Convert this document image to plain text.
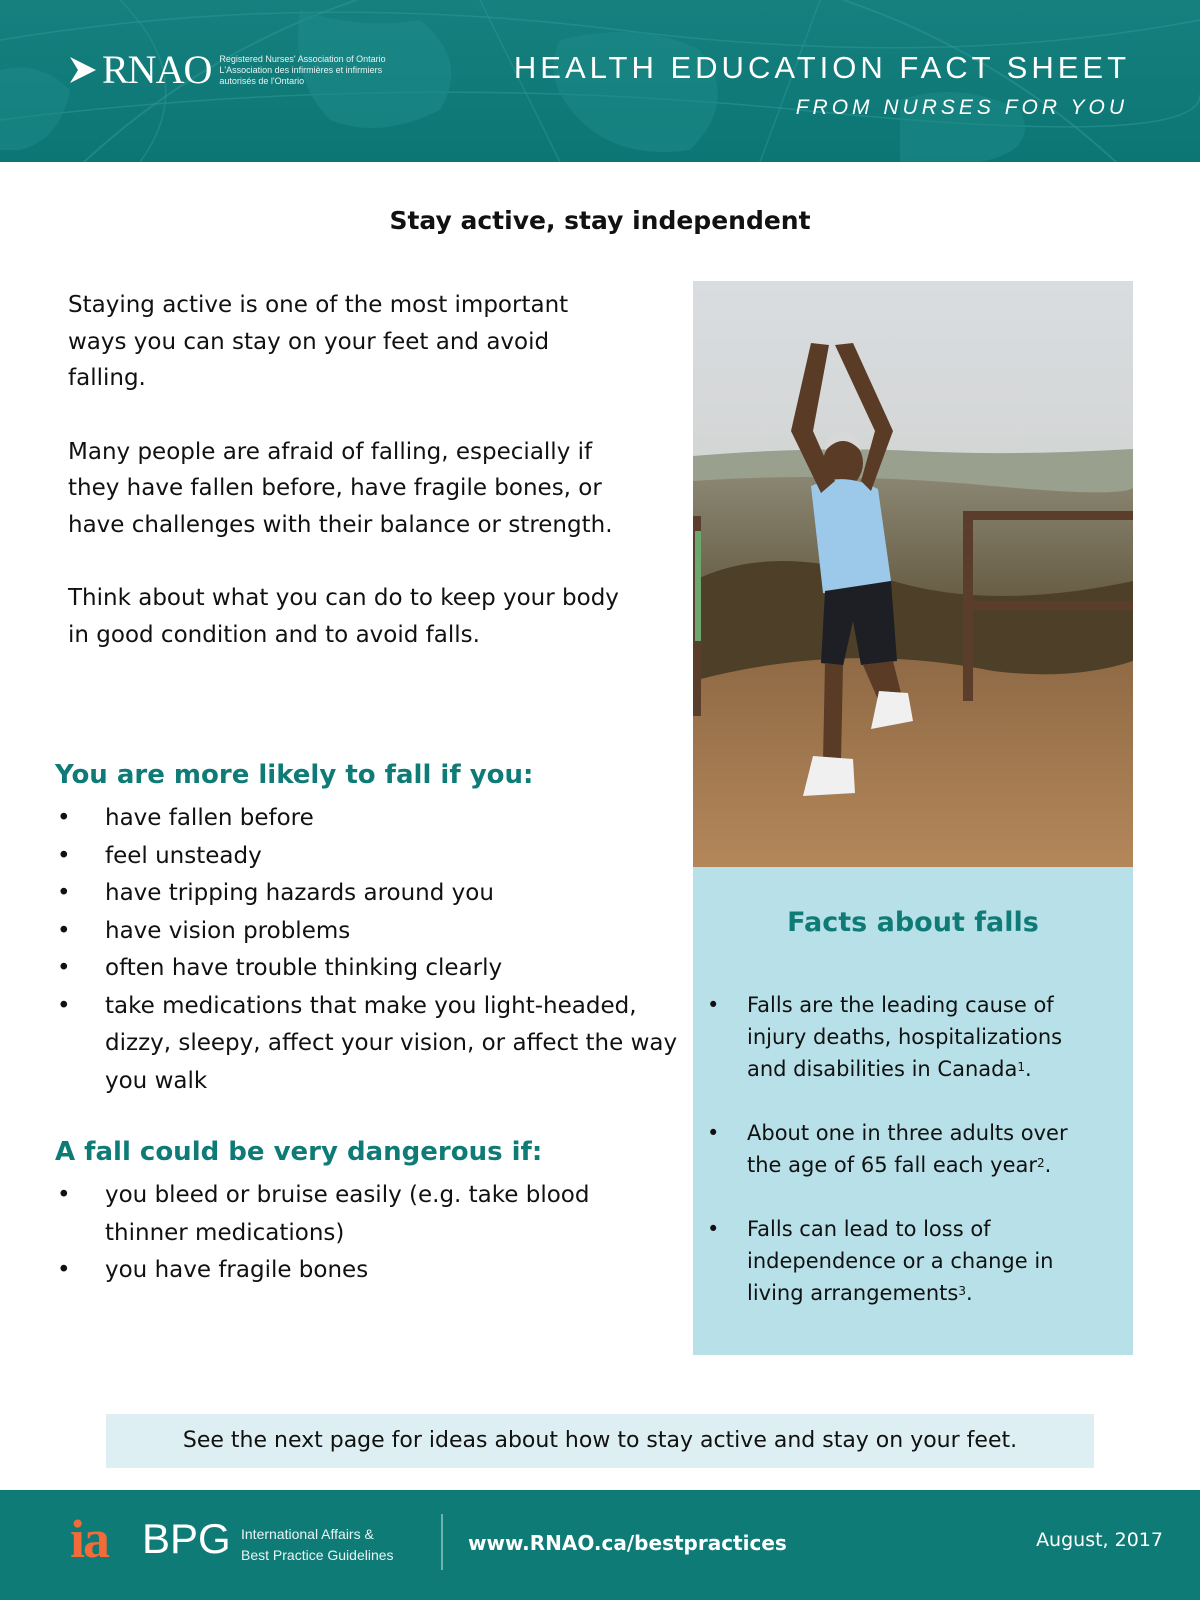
RNAO Registered Nurses' Association of Ontario
L'Association des infirmières et infirmiers
autorisés de l'Ontario	HEALTH EDUCATION FACT SHEET
FROM NURSES FOR YOU
Stay active, stay independent

Staying active is one of the most important ways you can stay on your feet and avoid falling.

Many people are afraid of falling, especially if they have fallen before, have fragile bones, or have challenges with their balance or strength.

Think about what you can do to keep your body in good condition and to avoid falls.

You are more likely to fall if you:
• have fallen before
• feel unsteady
• have tripping hazards around you
• have vision problems
• often have trouble thinking clearly
• take medications that make you light-headed, dizzy, sleepy, affect your vision, or affect the way you walk
A fall could be very dangerous if:
• you bleed or bruise easily (e.g. take blood thinner medications)
• you have fragile bones
Facts about falls
• Falls are the leading cause of injury deaths, hospitalizations and disabilities in Canada$^1$.
• About one in three adults over the age of 65 fall each year$^2$.
• Falls can lead to loss of independence or a change in living arrangements$^3$.
See the next page for ideas about how to stay active and stay on your feet.
ia BPG International Affairs &
Best Practice Guidelines	www.RNAO.ca/bestpractices	August, 2017
